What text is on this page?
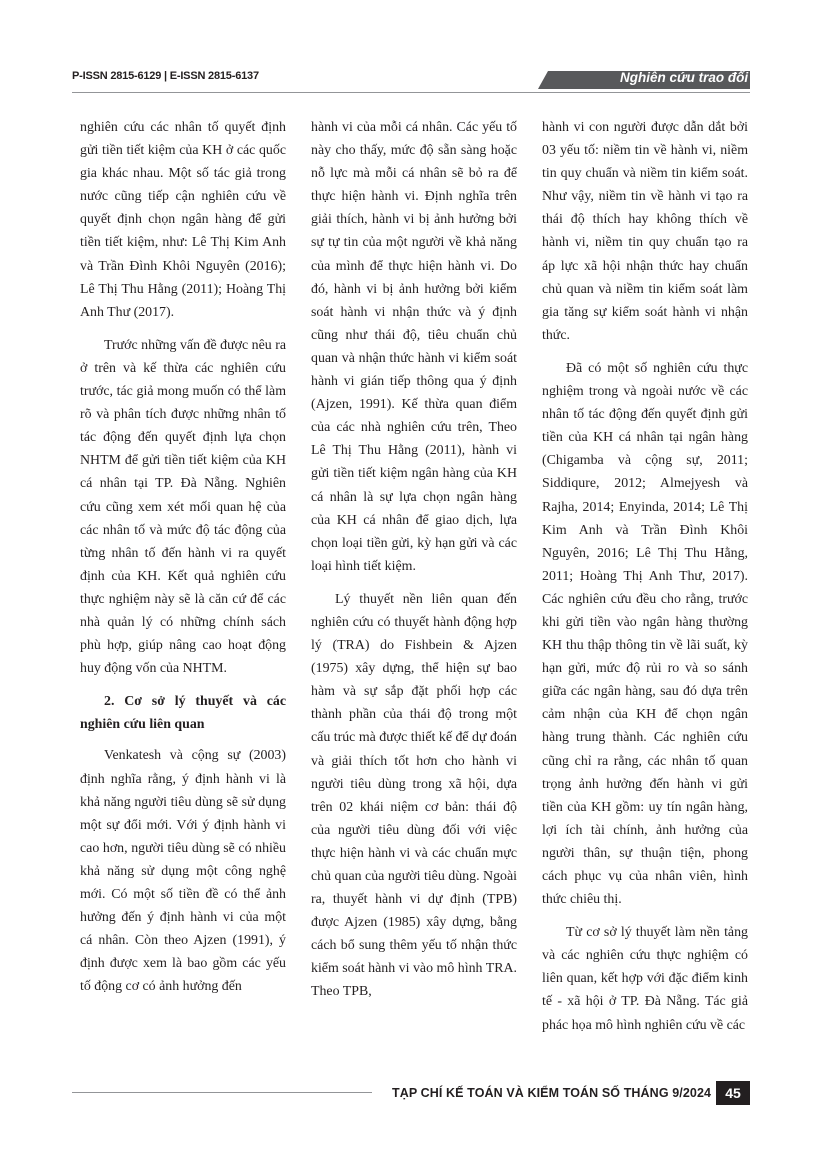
P-ISSN 2815-6129 | E-ISSN 2815-6137	Nghiên cứu trao đổi

nghiên cứu các nhân tố quyết định gửi tiền tiết kiệm của KH ở các quốc gia khác nhau. Một số tác giả trong nước cũng tiếp cận nghiên cứu về quyết định chọn ngân hàng để gửi tiền tiết kiệm, như: Lê Thị Kim Anh và Trần Đình Khôi Nguyên (2016); Lê Thị Thu Hằng (2011); Hoàng Thị Anh Thư (2017).

Trước những vấn đề được nêu ra ở trên và kế thừa các nghiên cứu trước, tác giả mong muốn có thể làm rõ và phân tích được những nhân tố tác động đến quyết định lựa chọn NHTM để gửi tiền tiết kiệm của KH cá nhân tại TP. Đà Nẵng. Nghiên cứu cũng xem xét mối quan hệ của các nhân tố và mức độ tác động của từng nhân tố đến hành vi ra quyết định của KH. Kết quả nghiên cứu thực nghiệm này sẽ là căn cứ để các nhà quản lý có những chính sách phù hợp, giúp nâng cao hoạt động huy động vốn của NHTM.

2. Cơ sở lý thuyết và các nghiên cứu liên quan

Venkatesh và cộng sự (2003) định nghĩa rằng, ý định hành vi là khả năng người tiêu dùng sẽ sử dụng một sự đổi mới. Với ý định hành vi cao hơn, người tiêu dùng sẽ có nhiều khả năng sử dụng một công nghệ mới. Có một số tiền đề có thể ảnh hưởng đến ý định hành vi của một cá nhân. Còn theo Ajzen (1991), ý định được xem là bao gồm các yếu tố động cơ có ảnh hưởng đến

hành vi của mỗi cá nhân. Các yếu tố này cho thấy, mức độ sẵn sàng hoặc nỗ lực mà mỗi cá nhân sẽ bỏ ra để thực hiện hành vi. Định nghĩa trên giải thích, hành vi bị ảnh hưởng bởi sự tự tin của một người về khả năng của mình để thực hiện hành vi. Do đó, hành vi bị ảnh hưởng bởi kiểm soát hành vi nhận thức và ý định cũng như thái độ, tiêu chuẩn chủ quan và nhận thức hành vi kiểm soát hành vi gián tiếp thông qua ý định (Ajzen, 1991). Kế thừa quan điểm của các nhà nghiên cứu trên, Theo Lê Thị Thu Hằng (2011), hành vi gửi tiền tiết kiệm ngân hàng của KH cá nhân là sự lựa chọn ngân hàng của KH cá nhân để giao dịch, lựa chọn loại tiền gửi, kỳ hạn gửi và các loại hình tiết kiệm.

Lý thuyết nền liên quan đến nghiên cứu có thuyết hành động hợp lý (TRA) do Fishbein & Ajzen (1975) xây dựng, thể hiện sự bao hàm và sự sắp đặt phối hợp các thành phần của thái độ trong một cấu trúc mà được thiết kế để dự đoán và giải thích tốt hơn cho hành vi người tiêu dùng trong xã hội, dựa trên 02 khái niệm cơ bản: thái độ của người tiêu dùng đối với việc thực hiện hành vi và các chuẩn mực chủ quan của người tiêu dùng. Ngoài ra, thuyết hành vi dự định (TPB) được Ajzen (1985) xây dựng, bằng cách bổ sung thêm yếu tố nhận thức kiểm soát hành vi vào mô hình TRA. Theo TPB,

hành vi con người được dẫn dắt bởi 03 yếu tố: niềm tin về hành vi, niềm tin quy chuẩn và niềm tin kiểm soát. Như vậy, niềm tin về hành vi tạo ra thái độ thích hay không thích về hành vi, niềm tin quy chuẩn tạo ra áp lực xã hội nhận thức hay chuẩn chủ quan và niềm tin kiểm soát làm gia tăng sự kiểm soát hành vi nhận thức.

Đã có một số nghiên cứu thực nghiệm trong và ngoài nước về các nhân tố tác động đến quyết định gửi tiền của KH cá nhân tại ngân hàng (Chigamba và cộng sự, 2011; Siddiqure, 2012; Almejyesh và Rajha, 2014; Enyinda, 2014; Lê Thị Kim Anh và Trần Đình Khôi Nguyên, 2016; Lê Thị Thu Hằng, 2011; Hoàng Thị Anh Thư, 2017). Các nghiên cứu đều cho rằng, trước khi gửi tiền vào ngân hàng thường KH thu thập thông tin về lãi suất, kỳ hạn gửi, mức độ rủi ro và so sánh giữa các ngân hàng, sau đó dựa trên cảm nhận của KH để chọn ngân hàng trung thành. Các nghiên cứu cũng chỉ ra rằng, các nhân tố quan trọng ảnh hưởng đến hành vi gửi tiền của KH gồm: uy tín ngân hàng, lợi ích tài chính, ảnh hưởng của người thân, sự thuận tiện, phong cách phục vụ của nhân viên, hình thức chiêu thị.

Từ cơ sở lý thuyết làm nền tảng và các nghiên cứu thực nghiệm có liên quan, kết hợp với đặc điểm kinh tế - xã hội ở TP. Đà Nẵng. Tác giả phác họa mô hình nghiên cứu về các

TẠP CHÍ KẾ TOÁN VÀ KIỂM TOÁN SỐ THÁNG 9/2024	45
